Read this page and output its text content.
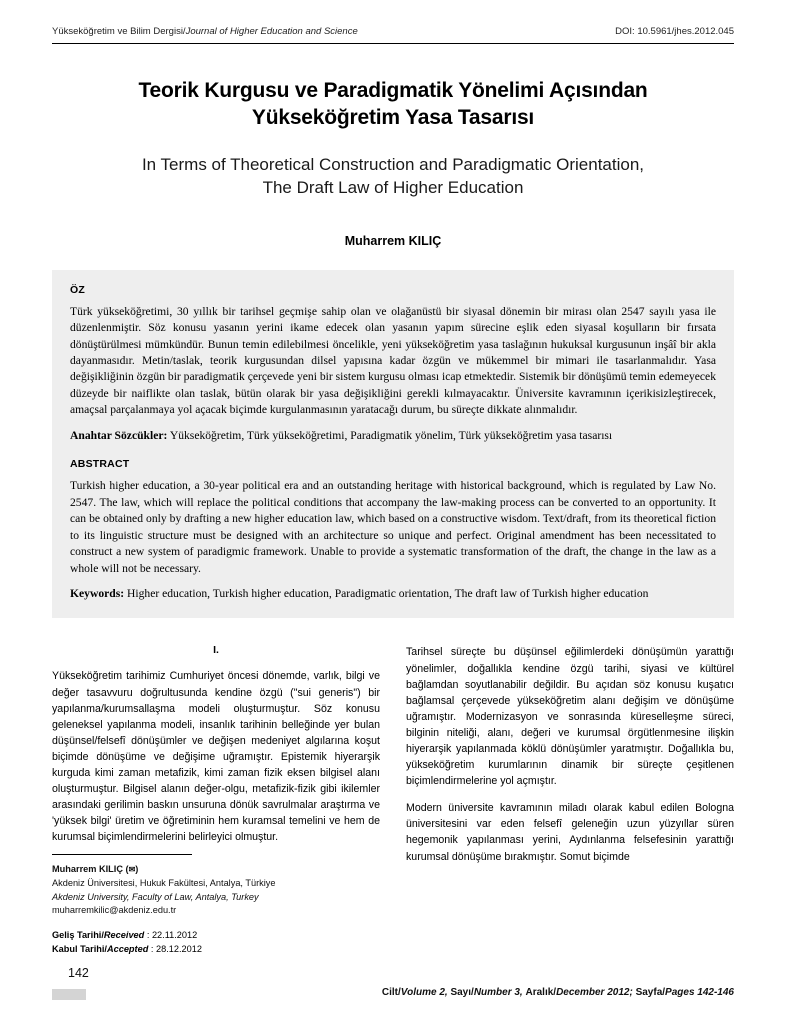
Yükseköğretim ve Bilim Dergisi/Journal of Higher Education and Science	DOI: 10.5961/jhes.2012.045
Teorik Kurgusu ve Paradigmatik Yönelimi Açısından
Yükseköğretim Yasa Tasarısı
In Terms of Theoretical Construction and Paradigmatic Orientation,
The Draft Law of Higher Education
Muharrem KILIÇ
ÖZ

Türk yükseköğretimi, 30 yıllık bir tarihsel geçmişe sahip olan ve olağanüstü bir siyasal dönemin bir mirası olan 2547 sayılı yasa ile düzenlenmiştir. Söz konusu yasanın yerini ikame edecek olan yasanın yapım sürecine eşlik eden siyasal koşulların bir fırsata dönüştürülmesi mümkündür. Bunun temin edilebilmesi öncelikle, yeni yükseköğretim yasa taslağının hukuksal kurgusunun inşâî bir akla dayanmasıdır. Metin/taslak, teorik kurgusundan dilsel yapısına kadar özgün ve mükemmel bir mimari ile tasarlanmalıdır. Yasa değişikliğinin özgün bir paradigmatik çerçevede yeni bir sistem kurgusu olması icap etmektedir. Sistemik bir dönüşümü temin edemeyecek düzeyde bir naiflikte olan taslak, bütün olarak bir yasa değişikliğini gerekli kılmayacaktır. Üniversite kavramının içerikisizleştirecek, amaçsal parçalanmaya yol açacak biçimde kurgulanmasının yaratacağı durum, bu süreçte dikkate alınmalıdır.

Anahtar Sözcükler: Yükseköğretim, Türk yükseköğretimi, Paradigmatik yönelim, Türk yükseköğretim yasa tasarısı

ABSTRACT

Turkish higher education, a 30-year political era and an outstanding heritage with historical background, which is regulated by Law No. 2547. The law, which will replace the political conditions that accompany the law-making process can be converted to an opportunity. It can be obtained only by drafting a new higher education law, which based on a constructive wisdom. Text/draft, from its theoretical fiction to its linguistic structure must be designed with an architecture so unique and perfect. Original amendment has been necessitated to construct a new system of paradigmic framework. Unable to provide a systematic transformation of the draft, the change in the law as a whole will not be necessary.

Keywords: Higher education, Turkish higher education, Paradigmatic orientation, The draft law of Turkish higher education

I.

Yükseköğretim tarihimiz Cumhuriyet öncesi dönemde, varlık, bilgi ve değer tasavvuru doğrultusunda kendine özgü ("sui generis") bir yapılanma/kurumsallaşma modeli oluşturmuştur. Söz konusu geleneksel yapılanma modeli, insanlık tarihinin belleğinde yer bulan düşünsel/felsefî dönüşümler ve değişen medeniyet algılarına koşut biçimde dönüşüme ve değişime uğramıştır. Epistemik hiyerarşik kurguda kimi zaman metafizik, kimi zaman fizik eksen bilgisel alanı oluşturmuştur. Bilgisel alanın değer-olgu, metafizik-fizik gibi ikilemler arasındaki gerilimin baskın unsuruna dönük savrulmalar araştırma ve 'yüksek bilgi' üretim ve öğretiminin hem kuramsal temelini ve hem de kurumsal biçimlendirmelerini belirleyici olmuştur.

Tarihsel süreçte bu düşünsel eğilimlerdeki dönüşümün yarattığı yönelimler, doğallıkla kendine özgü tarihi, siyasi ve kültürel bağlamdan soyutlanabilir değildir. Bu açıdan söz konusu kuşatıcı bağlamsal çerçevede yükseköğretim alanı değişim ve dönüşüme uğramıştır. Modernizasyon ve sonrasında küreselleşme süreci, bilginin niteliği, alanı, değeri ve kurumsal örgütlenmesine ilişkin hiyerarşik yapılanmada köklü dönüşümler yaratmıştır. Doğallıkla bu, yükseköğretim kurumlarının dinamik bir süreçte çeşitlenen biçimlendirmelerine yol açmıştır.

Modern üniversite kavramının miladı olarak kabul edilen Bologna üniversitesini var eden felsefî geleneğin uzun yüzyıllar süren hegemonik yapılanması yerini, Aydınlanma felsefesinin yarattığı kurumsal dönüşüme bırakmıştır. Somut biçimde

Muharrem KILIÇ (✉)
Akdeniz Üniversitesi, Hukuk Fakültesi, Antalya, Türkiye
Akdeniz University, Faculty of Law, Antalya, Turkey
muharremkilic@akdeniz.edu.tr
Geliş Tarihi/Received : 22.11.2012
Kabul Tarihi/Accepted : 28.12.2012
142
Cilt/Volume 2, Sayı/Number 3, Aralık/December 2012; Sayfa/Pages 142-146
